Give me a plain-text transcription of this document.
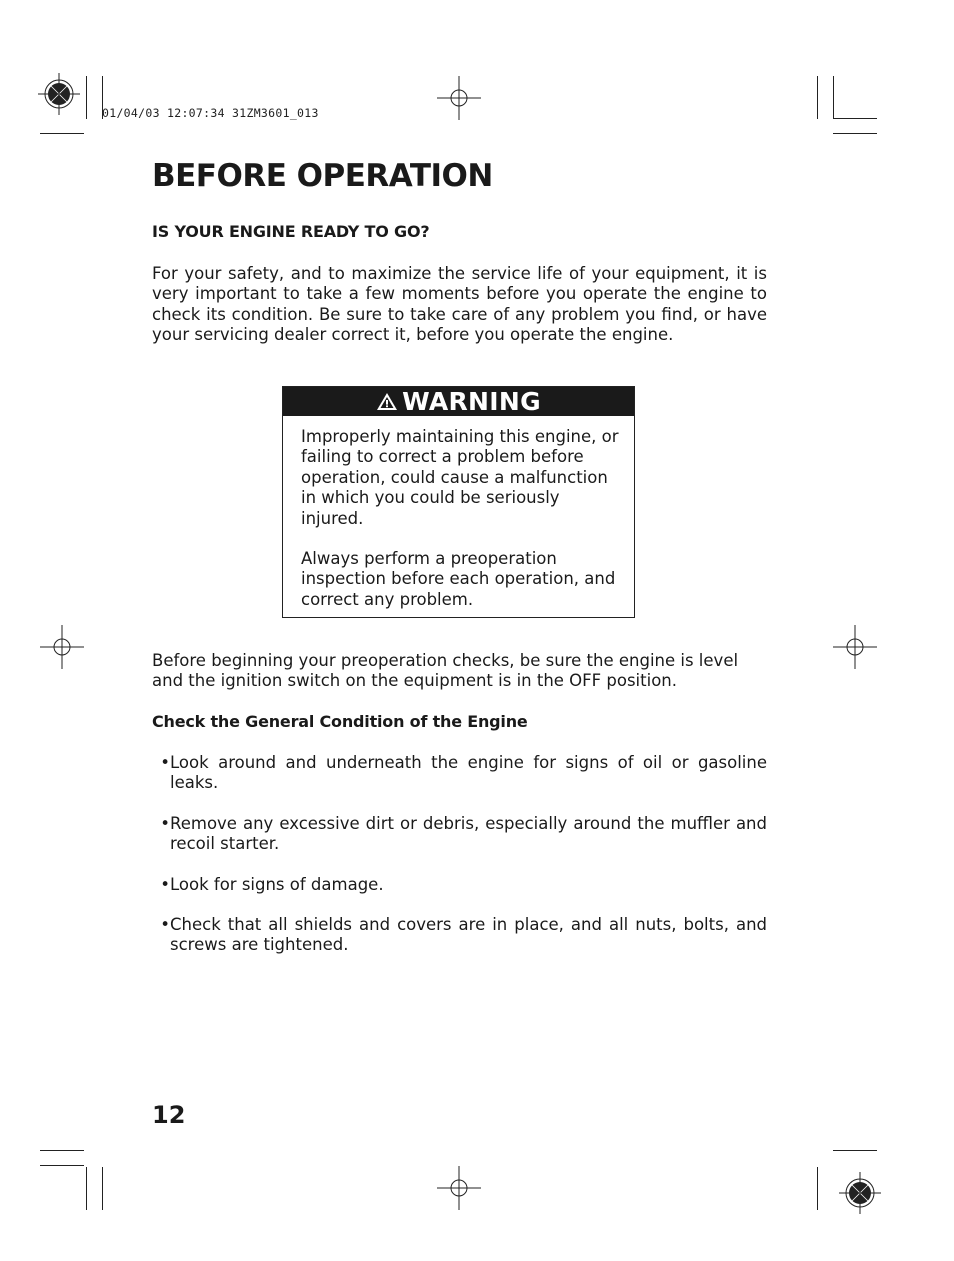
01/04/03 12:07:34 31ZM3601_013
BEFORE OPERATION
IS YOUR ENGINE READY TO GO?

For your safety, and to maximize the service life of your equipment, it is very important to take a few moments before you operate the engine to check its condition. Be sure to take care of any problem you find, or have your servicing dealer correct it, before you operate the engine.

WARNING

Improperly maintaining this engine, or failing to correct a problem before operation, could cause a malfunction in which you could be seriously injured.

Always perform a preoperation inspection before each operation, and correct any problem.

Before beginning your preoperation checks, be sure the engine is level and the ignition switch on the equipment is in the OFF position.

Check the General Condition of the Engine
• Look around and underneath the engine for signs of oil or gasoline leaks.
• Remove any excessive dirt or debris, especially around the muffler and recoil starter.
• Look for signs of damage.
• Check that all shields and covers are in place, and all nuts, bolts, and screws are tightened.
12
